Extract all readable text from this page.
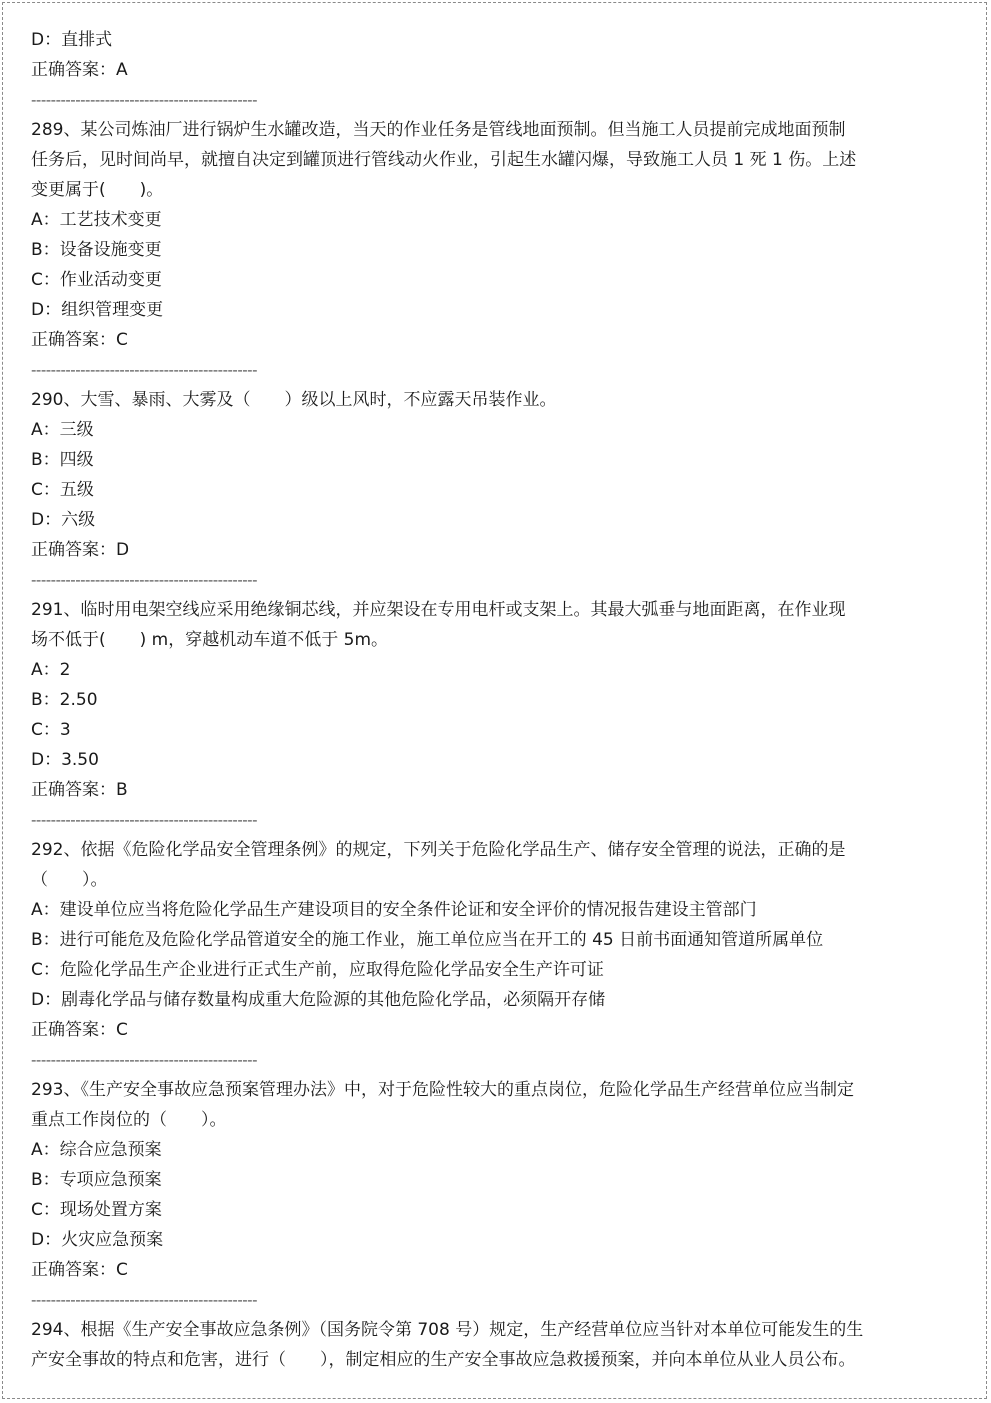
D：直排式
正确答案：A
----------------------------------------------
289、某公司炼油厂进行锅炉生水罐改造，当天的作业任务是管线地面预制。但当施工人员提前完成地面预制
任务后，见时间尚早，就擅自决定到罐顶进行管线动火作业，引起生水罐闪爆，导致施工人员 1 死 1 伤。上述
变更属于(　　)。
A：工艺技术变更
B：设备设施变更
C：作业活动变更
D：组织管理变更
正确答案：C
----------------------------------------------
290、大雪、暴雨、大雾及（　　）级以上风时，不应露天吊装作业。
A：三级
B：四级
C：五级
D：六级
正确答案：D
----------------------------------------------
291、临时用电架空线应采用绝缘铜芯线，并应架设在专用电杆或支架上。其最大弧垂与地面距离，在作业现
场不低于(　　) m，穿越机动车道不低于 5m。
A：2
B：2.50
C：3
D：3.50
正确答案：B
----------------------------------------------
292、依据《危险化学品安全管理条例》的规定，下列关于危险化学品生产、储存安全管理的说法，正确的是
（　　）。
A：建设单位应当将危险化学品生产建设项目的安全条件论证和安全评价的情况报告建设主管部门
B：进行可能危及危险化学品管道安全的施工作业，施工单位应当在开工的 45 日前书面通知管道所属单位
C：危险化学品生产企业进行正式生产前，应取得危险化学品安全生产许可证
D：剧毒化学品与储存数量构成重大危险源的其他危险化学品，必须隔开存储
正确答案：C
----------------------------------------------
293、《生产安全事故应急预案管理办法》中，对于危险性较大的重点岗位，危险化学品生产经营单位应当制定
重点工作岗位的（　　）。
A：综合应急预案
B：专项应急预案
C：现场处置方案
D：火灾应急预案
正确答案：C
----------------------------------------------
294、根据《生产安全事故应急条例》（国务院令第 708 号）规定，生产经营单位应当针对本单位可能发生的生
产安全事故的特点和危害，进行（　　），制定相应的生产安全事故应急救援预案，并向本单位从业人员公布。
